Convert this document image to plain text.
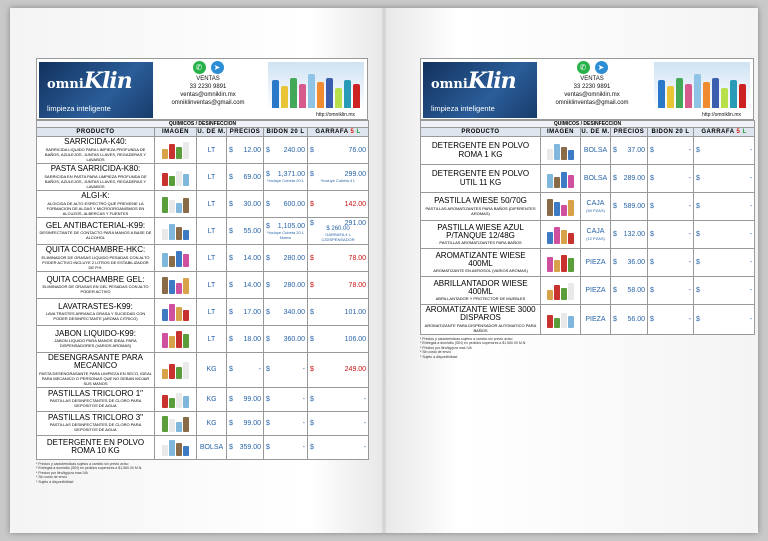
omniKlin
limpieza inteligente
✆	➤
VENTAS
33 2230 9891
ventas@omniklin.mx
omniklinventas@gmail.com
http://omniklin.mx
QUIMICOS / DESINFECCION					
PRODUCTO	IMAGEN	U. DE M.	PRECIOS	BIDON 20 L	GARRAFA 5 L

SARRICIDA-K40:
SARRICIDA LIQUIDO PARA LIMPIEZA PROFUNDA DE BAÑOS, AZULEJOS, JUNTAS LLAVES, REGADERAS Y LAVABOS		LT	$ 12.00	$ 240.00	$ 76.00

PASTA SARRICIDA-K80:
SARRICIDA EN PASTA PARA LIMPIEZA PROFUNDA DE BAÑOS, AZULEJOS, JUNTAS LLAVES, REGADERAS Y LAVABOS		LT	$ 69.00	$ 1,371.00
*Incluye Cubeta 20 L	$ 299.00
*Incluye Cubeta 4 L

ALGI-K:
ALGICIDA DE ALTO ESPECTRO QUE PREVIENE LA FORMACION DE ALGAS Y MICROORGANISMOS EN ALCUZOS, ALBERCAS Y FUENTES		LT	$ 30.00	$ 600.00	$ 142.00

GEL ANTIBACTERIAL-K99:
DESINFECTANTE DE CONTACTO PARA MANOS A BASE DE ALCOHOL		LT	$ 55.00	$ 1,105.00
*Incluye Cubeta 20 L Nuevo	$ 291.00
$ 260.00
GARRAFA 4 L C/DISPENSADOR

QUITA COCHAMBRE-HKC:
ELIMINADOR DE GRASAS LIQUIDO PESADAS CON ALTO PODER ACTIVO INCLUYE 2 LITROS DE ESTABILIZADOR DE P.H.		LT	$ 14.00	$ 280.00	$ 78.00

QUITA COCHAMBRE GEL:
ELIMINADOR DE GRASAS EN GEL PESADAS CON ALTO PODER ACTIVO		LT	$ 14.00	$ 280.00	$ 78.00

LAVATRASTES-K99:
LAVA TRASTES ARRANCA GRASA Y SUCIEDAD CON PODER DESINFECTANTE (AROMA CITRICO)		LT	$ 17.00	$ 340.00	$ 101.00

JABON LIQUIDO-K99:
JABON LIQUIDO PARA MANOS IDEAL PARA DISPENSADORES (VARIOS AROMAS)		LT	$ 18.00	$ 360.00	$ 106.00

DESENGRASANTE PARA MECANICO
PASTA DESENGRASANTE PARA LIMPIEZA EN SECO, IDEAL PARA MECANICO O PERSONAS QUE NO DEBAN MOJAR SUS MANOS		KG	$ -	$ -	$ 249.00

PASTILLAS TRICLORO 1"
PASTILLAS DESINFECTANTES DE CLORO PARA DEPOSITOS DE AGUA		KG	$ 99.00	$ -	$ -

PASTILLAS TRICLORO 3"
PASTILLAS DESINFECTANTES DE CLORO PARA DEPOSITOS DE AGUA		KG	$ 99.00	$ -	$ -

DETERGENTE EN POLVO ROMA 10 KG		BOLSA	$ 359.00	$ -	$ -
* Precios y caracteristicas sujetos a cambio sin previo aviso
* Entregas a domicilio (SIN) en pedidos superiores a $1,560.00 M.N.
* Precios por litro/kg/pza mas IVA
* Sin costo de envío
* Sujeto a disponibilidad
omniKlin
limpieza inteligente
✆	➤
VENTAS
33 2230 9891
ventas@omniklin.mx
omniklinventas@gmail.com
http://omniklin.mx
QUIMICOS / DESINFECCION					
PRODUCTO	IMAGEN	U. DE M.	PRECIOS	BIDON 20 L	GARRAFA 5 L

DETERGENTE EN POLVO ROMA 1 KG		BOLSA	$ 37.00	$ -	$ -

DETERGENTE EN POLVO UTIL 11 KG		BOLSA	$ 289.00	$ -	$ -

PASTILLA WIESE 50/70G
PASTILLAS AROMATIZANTES PARA BAÑOS (DIFERENTES AROMAS)		CAJA
(50 PZAS)	$ 589.00	$ -	$ -

PASTILLA WIESE AZUL P/TANQUE 12/48G
PASTILLAS AROMATIZANTES PARA BAÑOS		CAJA
(12 PZAS)	$ 132.00	$ -	$ -

AROMATIZANTE WIESE 400ML
AROMATIZANTE EN AEROSOL (VARIOS AROMAS)		PIEZA	$ 36.00	$ -	$ -

ABRILLANTADOR WIESE 400ML
ABRILLANTADOR Y PROTECTOR DE MUEBLES		PIEZA	$ 58.00	$ -	$ -

AROMATIZANTE WIESE 3000 DISPAROS
AROMATIZANTE PARA DISPENSADOR AUTOMATICO PARA BAÑOS		PIEZA	$ 56.00	$ -	$ -
* Precios y caracteristicas sujetos a cambio sin previo aviso
* Entregas a domicilio (SIN) en pedidos superiores a $1,560.00 M.N.
* Precios por litro/kg/pza mas IVA
* Sin costo de envío
* Sujeto a disponibilidad
